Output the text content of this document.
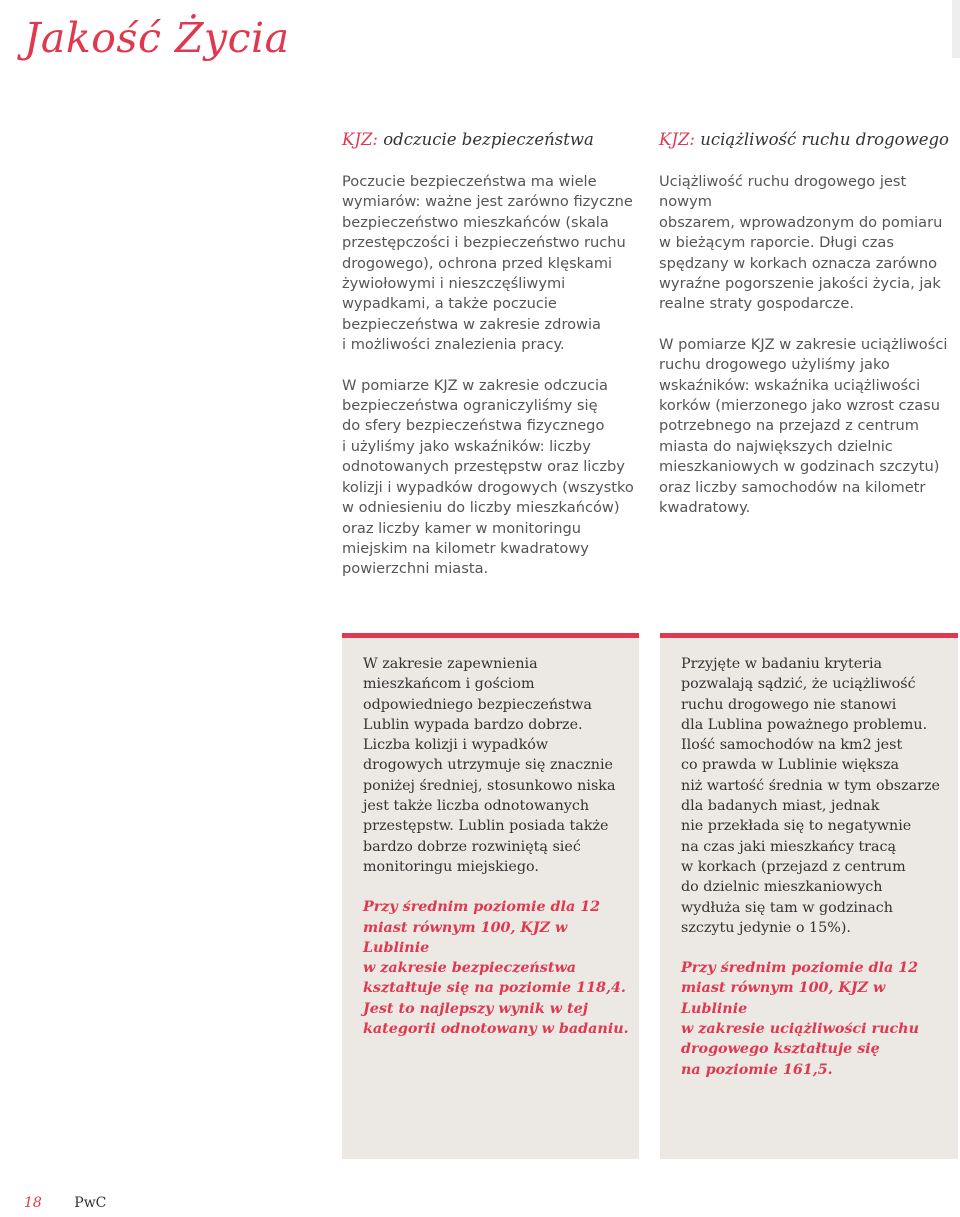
Jakość Życia
KJZ: odczucie bezpieczeństwa	KJZ: uciążliwość ruchu drogowego

Poczucie bezpieczeństwa ma wiele
wymiarów: ważne jest zarówno fizyczne
bezpieczeństwo mieszkańców (skala
przestępczości i bezpieczeństwo ruchu
drogowego), ochrona przed klęskami
żywiołowymi i nieszczęśliwymi
wypadkami, a także poczucie
bezpieczeństwa w zakresie zdrowia
i możliwości znalezienia pracy.

W pomiarze KJZ w zakresie odczucia
bezpieczeństwa ograniczyliśmy się
do sfery bezpieczeństwa fizycznego
i użyliśmy jako wskaźników: liczby
odnotowanych przestępstw oraz liczby
kolizji i wypadków drogowych (wszystko
w odniesieniu do liczby mieszkańców)
oraz liczby kamer w monitoringu
miejskim na kilometr kwadratowy
powierzchni miasta.

Uciążliwość ruchu drogowego jest nowym
obszarem, wprowadzonym do pomiaru
w bieżącym raporcie. Długi czas
spędzany w korkach oznacza zarówno
wyraźne pogorszenie jakości życia, jak
realne straty gospodarcze.

W pomiarze KJZ w zakresie uciążliwości
ruchu drogowego użyliśmy jako
wskaźników: wskaźnika uciążliwości
korków (mierzonego jako wzrost czasu
potrzebnego na przejazd z centrum
miasta do największych dzielnic
mieszkaniowych w godzinach szczytu)
oraz liczby samochodów na kilometr
kwadratowy.

W zakresie zapewnienia
mieszkańcom i gościom
odpowiedniego bezpieczeństwa
Lublin wypada bardzo dobrze.
Liczba kolizji i wypadków
drogowych utrzymuje się znacznie
poniżej średniej, stosunkowo niska
jest także liczba odnotowanych
przestępstw. Lublin posiada także
bardzo dobrze rozwiniętą sieć
monitoringu miejskiego.

Przy średnim poziomie dla 12
miast równym 100, KJZ w Lublinie
w zakresie bezpieczeństwa
kształtuje się na poziomie 118,4.
Jest to najlepszy wynik w tej
kategorii odnotowany w badaniu.

Przyjęte w badaniu kryteria
pozwalają sądzić, że uciążliwość
ruchu drogowego nie stanowi
dla Lublina poważnego problemu.
Ilość samochodów na km2 jest
co prawda w Lublinie większa
niż wartość średnia w tym obszarze
dla badanych miast, jednak
nie przekłada się to negatywnie
na czas jaki mieszkańcy tracą
w korkach (przejazd z centrum
do dzielnic mieszkaniowych
wydłuża się tam w godzinach
szczytu jedynie o 15%).

Przy średnim poziomie dla 12
miast równym 100, KJZ w Lublinie
w zakresie uciążliwości ruchu
drogowego kształtuje się
na poziomie 161,5.

18 PwC
